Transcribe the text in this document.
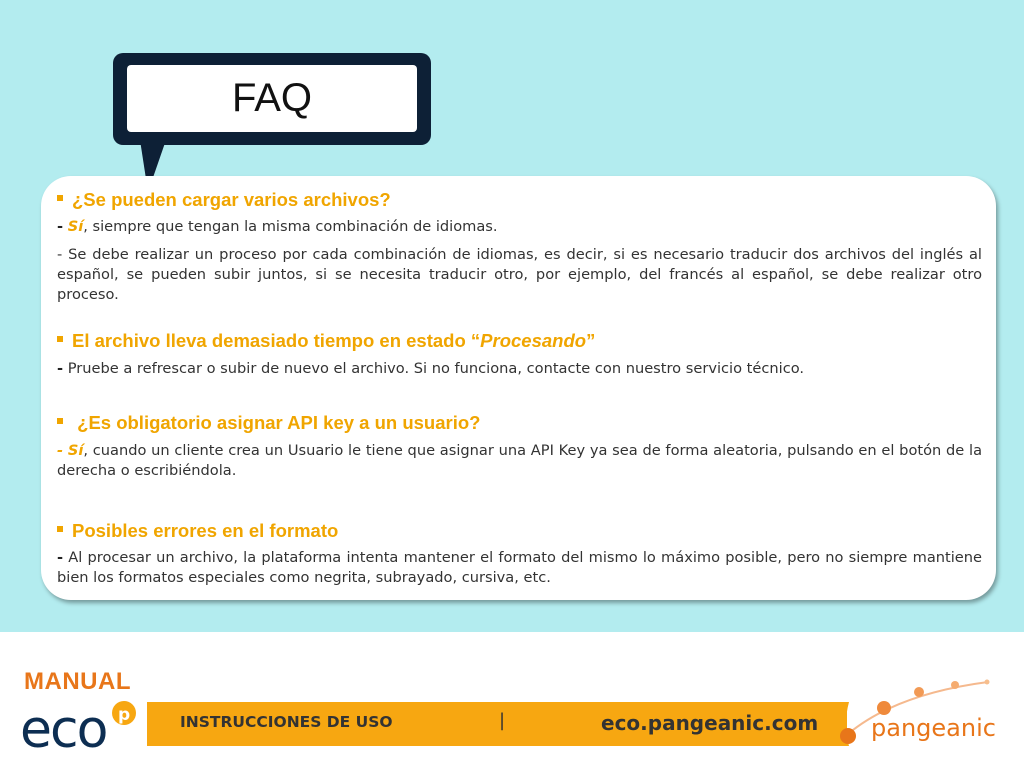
FAQ
¿Se pueden cargar varios archivos?
- Sí, siempre que tengan la misma combinación de idiomas.
- Se debe realizar un proceso por cada combinación de idiomas, es decir, si es necesario traducir dos archivos del inglés al español, se pueden subir juntos, si se necesita traducir otro, por ejemplo, del francés al español, se debe realizar otro proceso.
El archivo lleva demasiado tiempo en estado “Procesando”
- Pruebe a refrescar o subir de nuevo el archivo. Si no funciona, contacte con nuestro servicio técnico.
¿Es obligatorio asignar API key a un usuario?
- Sí, cuando un cliente crea un Usuario le tiene que asignar una API Key ya sea de forma aleatoria, pulsando en el botón de la derecha o escribiéndola.
Posibles errores en el formato
- Al procesar un archivo, la plataforma intenta mantener el formato del mismo lo máximo posible, pero no siempre mantiene bien los formatos especiales como negrita, subrayado, cursiva, etc.
MANUAL
eco p	INSTRUCCIONES DE USO	|	eco.pangeanic.com pangeanic
